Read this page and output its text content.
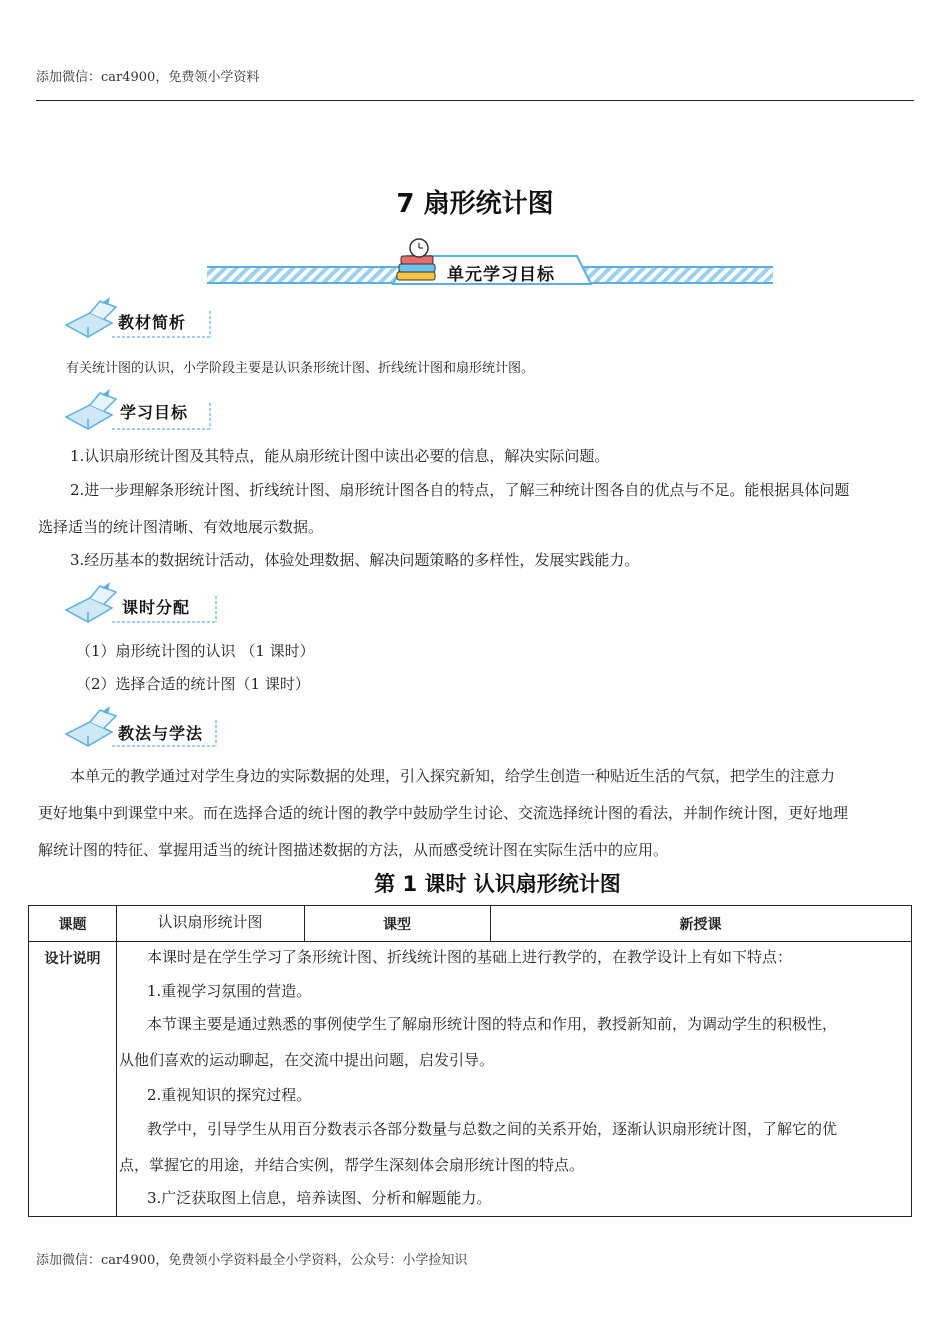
添加微信：car4900，免费领小学资料
7 扇形统计图
单元学习目标
教材简析
有关统计图的认识，小学阶段主要是认识条形统计图、折线统计图和扇形统计图。
学习目标
1.认识扇形统计图及其特点，能从扇形统计图中读出必要的信息，解决实际问题。
2.进一步理解条形统计图、折线统计图、扇形统计图各自的特点，了解三种统计图各自的优点与不足。能根据具体问题
选择适当的统计图清晰、有效地展示数据。
3.经历基本的数据统计活动，体验处理数据、解决问题策略的多样性，发展实践能力。
课时分配
（1）扇形统计图的认识 （1 课时）
（2）选择合适的统计图（1 课时）
教法与学法
本单元的教学通过对学生身边的实际数据的处理，引入探究新知，给学生创造一种贴近生活的气氛，把学生的注意力
更好地集中到课堂中来。而在选择合适的统计图的教学中鼓励学生讨论、交流选择统计图的看法，并制作统计图，更好地理
解统计图的特征、掌握用适当的统计图描述数据的方法，从而感受统计图在实际生活中的应用。
第 1 课时 认识扇形统计图
课题	认识扇形统计图	课型	新授课
设计说明	本课时是在学生学习了条形统计图、折线统计图的基础上进行教学的，在教学设计上有如下特点：
1.重视学习氛围的营造。
本节课主要是通过熟悉的事例使学生了解扇形统计图的特点和作用，教授新知前，为调动学生的积极性，
从他们喜欢的运动聊起，在交流中提出问题，启发引导。
2.重视知识的探究过程。
教学中，引导学生从用百分数表示各部分数量与总数之间的关系开始，逐渐认识扇形统计图，了解它的优
点，掌握它的用途，并结合实例，帮学生深刻体会扇形统计图的特点。
3.广泛获取图上信息，培养读图、分析和解题能力。
添加微信：car4900，免费领小学资料最全小学资料，公众号：小学捡知识
